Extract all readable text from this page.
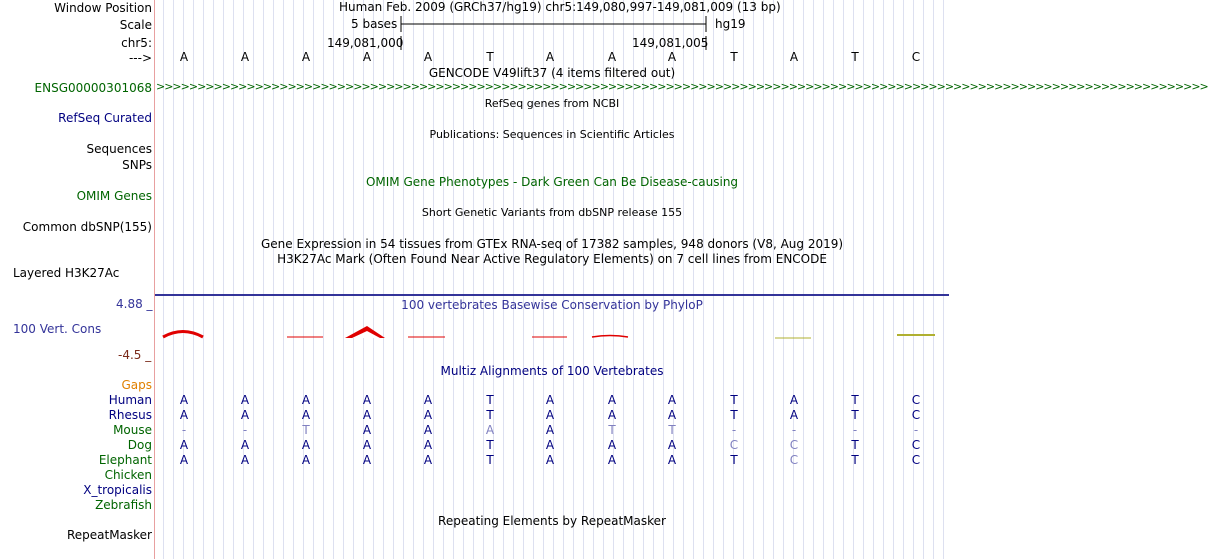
Window Position
Scale
chr5:
--->
Human Feb. 2009 (GRCh37/hg19) chr5:149,080,997-149,081,009 (13 bp)
5 bases	hg19
149,081,000	149,081,005
A	A	A	A	A	T	A	A	A	T	A	T	C
GENCODE V49lift37 (4 items filtered out)
ENSG00000301068 >>>>>>>>>>>>>>>>>>>>>>>>>>>>>>>>>>>>>>>>>>>>>>>>>>>>>>>>>>>>>>>>>>>>>>>>>>>>>>>>>>>>>>>>>>>>>>>>>>>>>>>>>>>>>>>>>>>>>>>>>>>>>>>>
RefSeq genes from NCBI
RefSeq Curated
Publications: Sequences in Scientific Articles
Sequences
SNPs
OMIM Gene Phenotypes - Dark Green Can Be Disease-causing
OMIM Genes
Short Genetic Variants from dbSNP release 155
Common dbSNP(155)
Gene Expression in 54 tissues from GTEx RNA-seq of 17382 samples, 948 donors (V8, Aug 2019)
H3K27Ac Mark (Often Found Near Active Regulatory Elements) on 7 cell lines from ENCODE
Layered H3K27Ac
4.88 _	100 vertebrates Basewise Conservation by PhyloP
100 Vert. Cons
-4.5 _
Multiz Alignments of 100 Vertebrates
Gaps
Human	A	A	A	A	A	T	A	A	A	T	A	T	C
Rhesus	A	A	A	A	A	T	A	A	A	T	A	T	C
Mouse	-	-	T	A	A	A	A	T	T	-	-	-	-
Dog	A	A	A	A	A	T	A	A	A	C	C	T	C
Elephant	A	A	A	A	A	T	A	A	A	T	C	T	C
Chicken
X_tropicalis
Zebrafish
Repeating Elements by RepeatMasker
RepeatMasker
